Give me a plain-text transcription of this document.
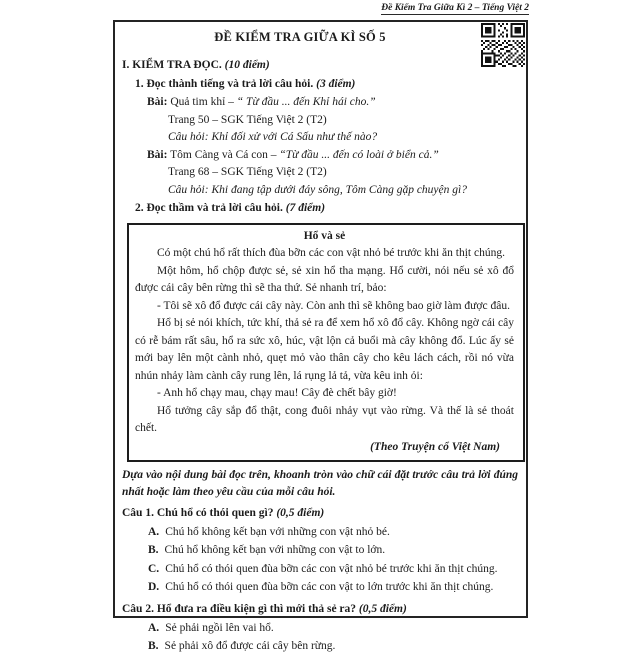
Đề Kiểm Tra Giữa Kì 2 – Tiếng Việt 2
ĐỀ KIỂM TRA GIỮA KÌ SỐ 5
I. KIỂM TRA ĐỌC. (10 điểm)
1. Đọc thành tiếng và trả lời câu hỏi. (3 điểm)
Bài: Quả tim khỉ – “ Từ đầu ... đến Khỉ hái cho.”
Trang 50 – SGK Tiếng Việt 2 (T2)
Câu hỏi: Khỉ đối xử với Cá Sấu như thế nào?
Bài: Tôm Càng và Cá con – “Từ đầu ... đến có loài ở biển cả.”
Trang 68 – SGK Tiếng Việt 2 (T2)
Câu hỏi: Khi đang tập dưới đáy sông, Tôm Càng gặp chuyện gì?
2. Đọc thầm và trả lời câu hỏi. (7 điểm)
Hổ và sẻ

Có một chú hổ rất thích đùa bỡn các con vật nhỏ bé trước khi ăn thịt chúng.

Một hôm, hổ chộp được sẻ, sẻ xin hổ tha mạng. Hổ cười, nói nếu sẻ xô đổ được cái cây bên rừng thì sẽ tha thứ. Sẻ nhanh trí, bảo:

- Tôi sẽ xô đổ được cái cây này. Còn anh thì sẽ không bao giờ làm được đâu.

Hổ bị sẻ nói khích, tức khí, thả sẻ ra để xem hổ xô đổ cây. Không ngờ cái cây có rễ bám rất sâu, hổ ra sức xô, húc, vật lộn cả buổi mà cây không đổ. Lúc ấy sẻ mới bay lên một cành nhỏ, quẹt mỏ vào thân cây cho kêu lách cách, rồi nó vừa nhún nhảy làm cành cây rung lên, lá rụng lả tả, vừa kêu inh ỏi:

- Anh hổ chạy mau, chạy mau! Cây đè chết bây giờ!

Hổ tưởng cây sắp đổ thật, cong đuôi nhảy vụt vào rừng. Và thế là sẻ thoát chết.

(Theo Truyện cổ Việt Nam)
Dựa vào nội dung bài đọc trên, khoanh tròn vào chữ cái đặt trước câu trả lời đúng nhất hoặc làm theo yêu cầu của mỗi câu hỏi.
Câu 1. Chú hổ có thói quen gì? (0,5 điểm)
A. Chú hổ không kết bạn với những con vật nhỏ bé.
B. Chú hổ không kết bạn với những con vật to lớn.
C. Chú hổ có thói quen đùa bỡn các con vật nhỏ bé trước khi ăn thịt chúng.
D. Chú hổ có thói quen đùa bỡn các con vật to lớn trước khi ăn thịt chúng.
Câu 2. Hổ đưa ra điều kiện gì thì mới thả sẻ ra? (0,5 điểm)
A. Sẻ phải ngồi lên vai hổ.
B. Sẻ phải xô đổ được cái cây bên rừng.
